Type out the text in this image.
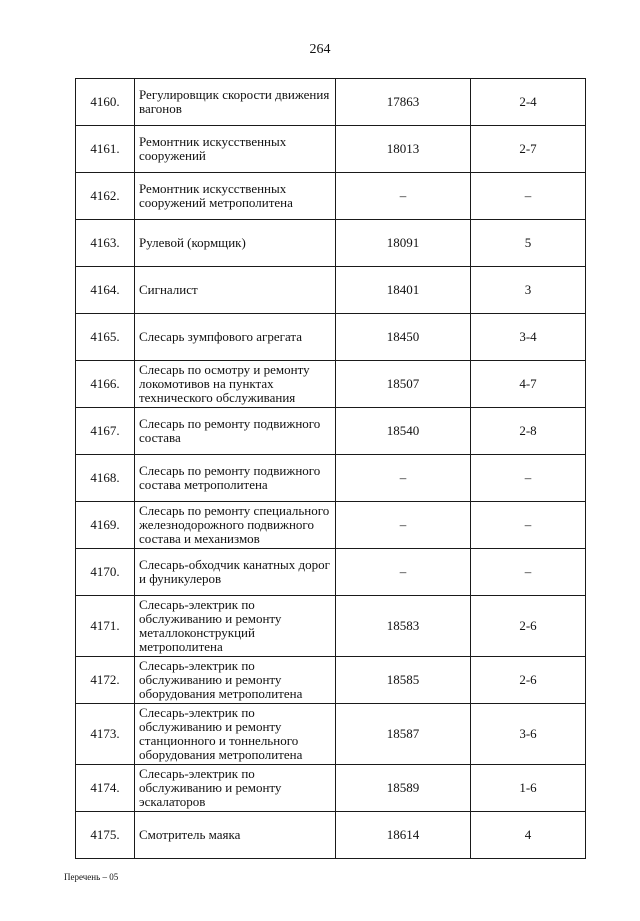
264
4160.	Регулировщик скорости движения вагонов	17863	2-4
4161.	Ремонтник искусственных сооружений	18013	2-7
4162.	Ремонтник искусственных сооружений метрополитена	–	–
4163.	Рулевой (кормщик)	18091	5
4164.	Сигналист	18401	3
4165.	Слесарь зумпфового агрегата	18450	3-4
4166.	Слесарь по осмотру и ремонту локомотивов на пунктах технического обслуживания	18507	4-7
4167.	Слесарь по ремонту подвижного состава	18540	2-8
4168.	Слесарь по ремонту подвижного состава метрополитена	–	–
4169.	Слесарь по ремонту специального железнодорожного подвижного состава и механизмов	–	–
4170.	Слесарь-обходчик канатных дорог и фуникулеров	–	–
4171.	Слесарь-электрик по обслуживанию и ремонту металлоконструкций метрополитена	18583	2-6
4172.	Слесарь-электрик по обслуживанию и ремонту оборудования метрополитена	18585	2-6
4173.	Слесарь-электрик по обслуживанию и ремонту станционного и тоннельного оборудования метрополитена	18587	3-6
4174.	Слесарь-электрик по обслуживанию и ремонту эскалаторов	18589	1-6
4175.	Смотритель маяка	18614	4
Перечень – 05
